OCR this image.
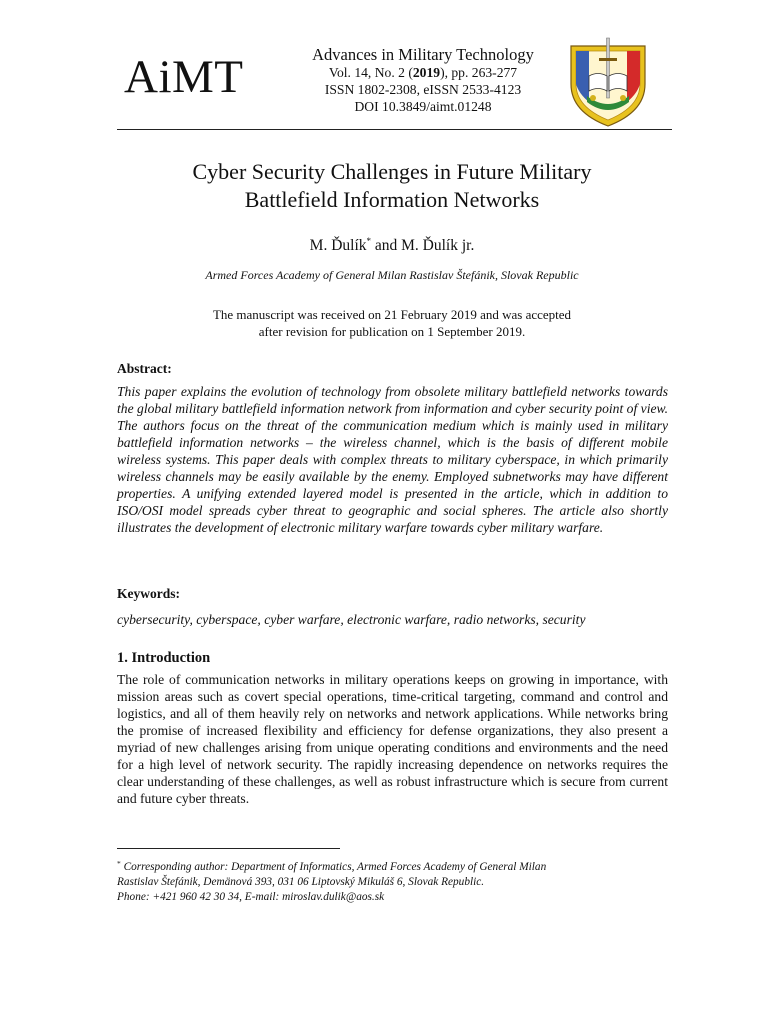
AiMT	Advances in Military Technology
Vol. 14, No. 2 (2019), pp. 263-277
ISSN 1802-2308, eISSN 2533-4123
DOI 10.3849/aimt.01248
Cyber Security Challenges in Future Military
Battlefield Information Networks
M. Ďulík* and M. Ďulík jr.
Armed Forces Academy of General Milan Rastislav Štefánik, Slovak Republic
The manuscript was received on 21 February 2019 and was accepted
after revision for publication on 1 September 2019.
Abstract:
This paper explains the evolution of technology from obsolete military battlefield networks towards the global military battlefield information network from information and cyber security point of view. The authors focus on the threat of the communication medium which is mainly used in military battlefield information networks – the wireless channel, which is the basis of different mobile wireless systems. This paper deals with complex threats to military cyberspace, in which primarily wireless channels may be easily available by the enemy. Employed subnetworks may have different properties. A unifying extended layered model is presented in the article, which in addition to ISO/OSI model spreads cyber threat to geographic and social spheres. The article also shortly illustrates the development of electronic military warfare towards cyber military warfare.
Keywords:
cybersecurity, cyberspace, cyber warfare, electronic warfare, radio networks, security
1. Introduction
The role of communication networks in military operations keeps on growing in importance, with mission areas such as covert special operations, time-critical targeting, command and control and logistics, and all of them heavily rely on networks and network applications. While networks bring the promise of increased flexibility and efficiency for defense organizations, they also present a myriad of new challenges arising from unique operating conditions and environments and the need for a high level of network security. The rapidly increasing dependence on networks requires the clear understanding of these challenges, as well as robust infrastructure which is secure from current and future cyber threats.
* Corresponding author: Department of Informatics, Armed Forces Academy of General Milan
Rastislav Štefánik, Demänová 393, 031 06 Liptovský Mikuláš 6, Slovak Republic.
Phone: +421 960 42 30 34, E-mail: miroslav.dulik@aos.sk
